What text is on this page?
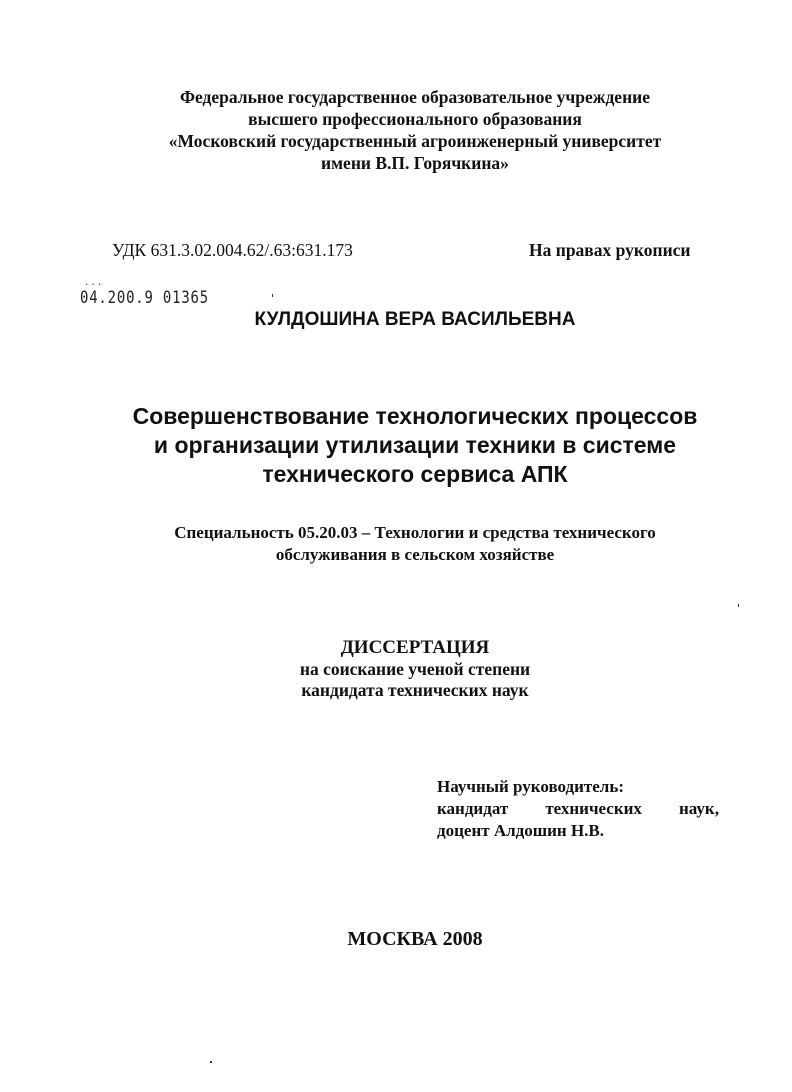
Федеральное государственное образовательное учреждение
высшего профессионального образования
«Московский государственный агроинженерный университет
имени В.П. Горячкина»
УДК 631.3.02.004.62/.63:631.173	На правах рукописи
...
04.200.9 01365
КУЛДОШИНА ВЕРА ВАСИЛЬЕВНА
Совершенствование технологических процессов
и организации утилизации техники в системе
технического сервиса АПК
Специальность 05.20.03 – Технологии и средства технического
обслуживания в сельском хозяйстве
ДИССЕРТАЦИЯ
на соискание ученой степени
кандидата технических наук
Научный руководитель:
кандидат технических наук,
доцент Алдошин Н.В.
МОСКВА 2008
